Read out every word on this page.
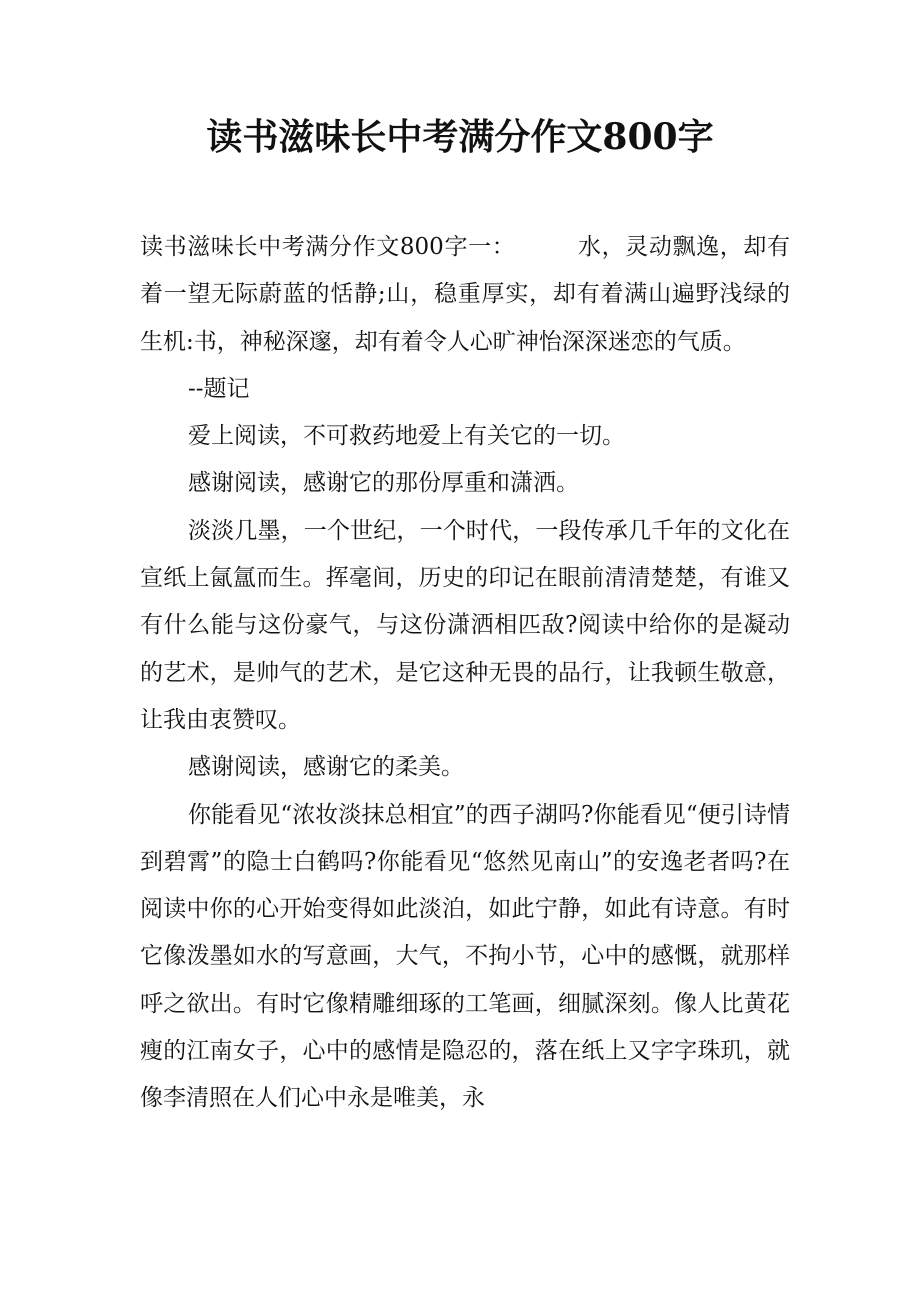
读书滋味长中考满分作文800字

读书滋味长中考满分作文800字一：	水，灵动飘逸，却有着一望无际蔚蓝的恬静;山，稳重厚实，却有着满山遍野浅绿的生机:书，神秘深邃，却有着令人心旷神怡深深迷恋的气质。

--题记

爱上阅读，不可救药地爱上有关它的一切。

感谢阅读，感谢它的那份厚重和潇洒。

淡淡几墨，一个世纪，一个时代，一段传承几千年的文化在宣纸上氤氲而生。挥毫间，历史的印记在眼前清清楚楚，有谁又有什么能与这份豪气，与这份潇洒相匹敌?阅读中给你的是凝动的艺术，是帅气的艺术，是它这种无畏的品行，让我顿生敬意，让我由衷赞叹。

感谢阅读，感谢它的柔美。

你能看见“浓妆淡抹总相宜”的西子湖吗?你能看见“便引诗情到碧霄”的隐士白鹤吗?你能看见“悠然见南山”的安逸老者吗?在阅读中你的心开始变得如此淡泊，如此宁静，如此有诗意。有时它像泼墨如水的写意画，大气，不拘小节，心中的感慨，就那样呼之欲出。有时它像精雕细琢的工笔画，细腻深刻。像人比黄花瘦的江南女子，心中的感情是隐忍的，落在纸上又字字珠玑，就像李清照在人们心中永是唯美，永
